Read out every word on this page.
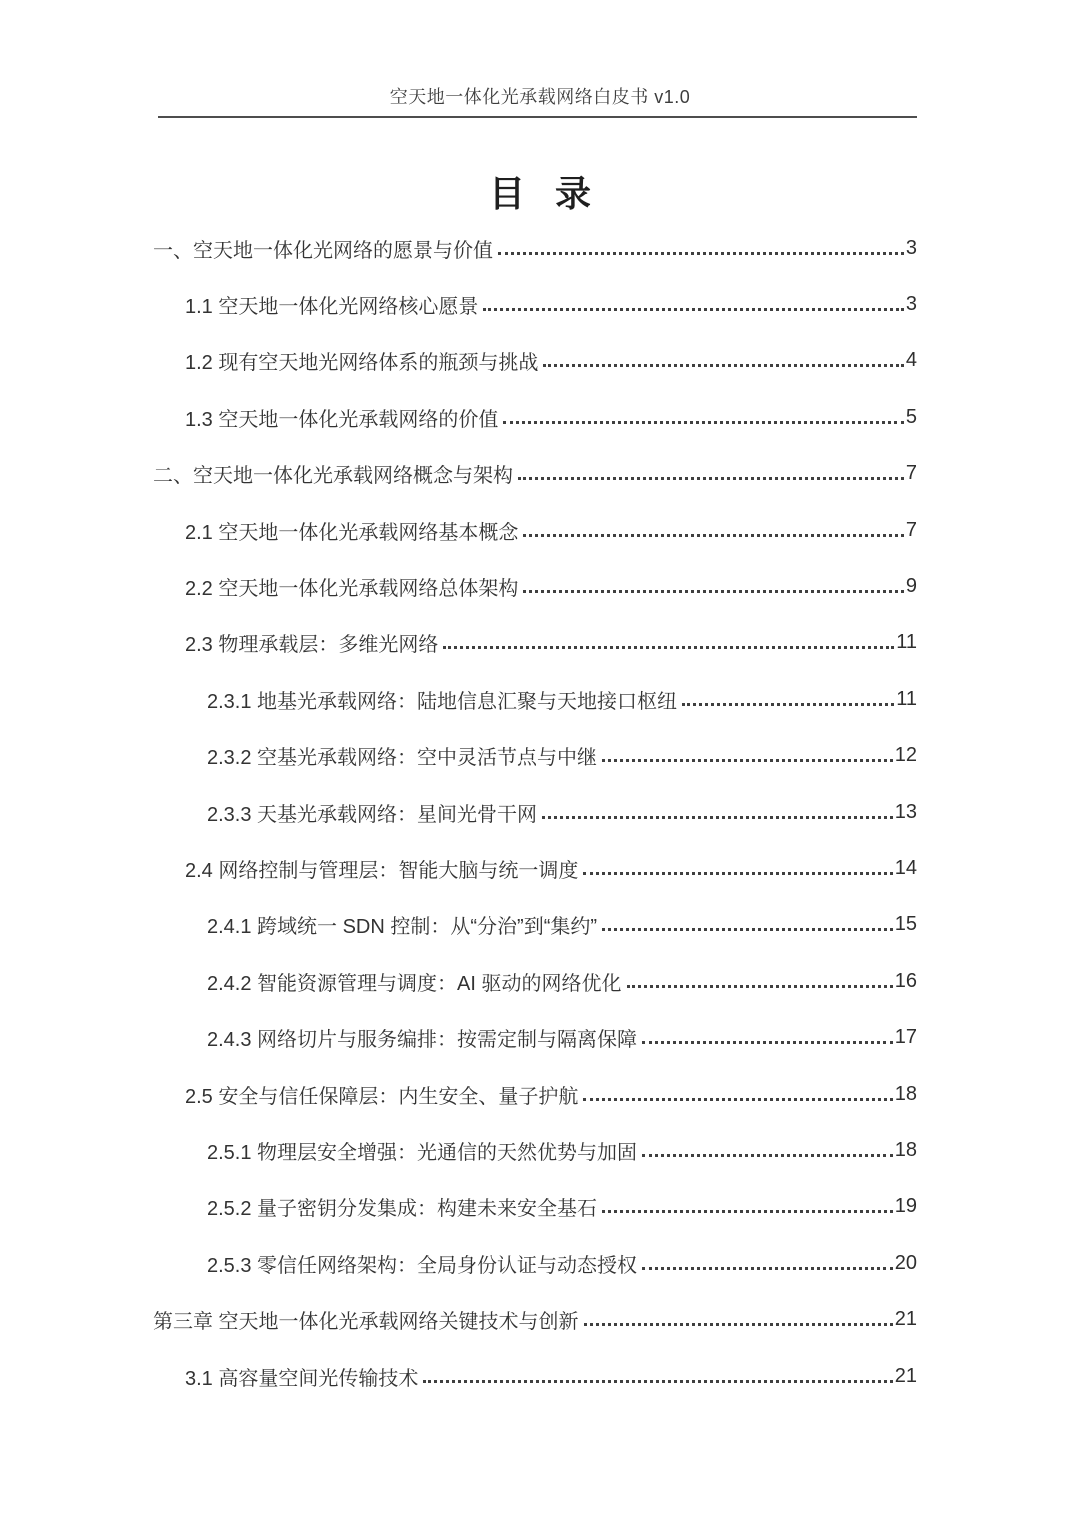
空天地一体化光承载网络白皮书 v1.0
目 录
一、空天地一体化光网络的愿景与价值	3
1.1 空天地一体化光网络核心愿景	3
1.2 现有空天地光网络体系的瓶颈与挑战	4
1.3 空天地一体化光承载网络的价值	5
二、空天地一体化光承载网络概念与架构	7
2.1 空天地一体化光承载网络基本概念	7
2.2 空天地一体化光承载网络总体架构	9
2.3 物理承载层：多维光网络	11
2.3.1 地基光承载网络：陆地信息汇聚与天地接口枢纽	11
2.3.2 空基光承载网络：空中灵活节点与中继	12
2.3.3 天基光承载网络：星间光骨干网	13
2.4 网络控制与管理层：智能大脑与统一调度	14
2.4.1 跨域统一 SDN 控制：从“分治”到“集约”	15
2.4.2 智能资源管理与调度：AI 驱动的网络优化	16
2.4.3 网络切片与服务编排：按需定制与隔离保障	17
2.5 安全与信任保障层：内生安全、量子护航	18
2.5.1 物理层安全增强：光通信的天然优势与加固	18
2.5.2 量子密钥分发集成：构建未来安全基石	19
2.5.3 零信任网络架构：全局身份认证与动态授权	20
第三章 空天地一体化光承载网络关键技术与创新	21
3.1 高容量空间光传输技术	21
